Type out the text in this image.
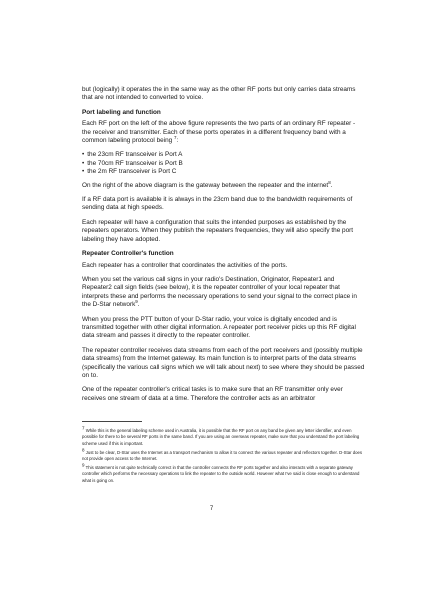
but (logically) it operates the in the same way as the other RF ports but only carries data streams that are not intended to converted to voice.

Port labeling and function

Each RF port on the left of the above figure represents the two parts of an ordinary RF repeater - the receiver and transmitter. Each of these ports operates in a different frequency band with a common labeling protocol being $^7$:

• the 23cm RF transceiver is Port A
• the 70cm RF transceiver is Port B
• the 2m RF transceiver is Port C

On the right of the above diagram is the gateway between the repeater and the internet$^8$.

If a RF data port is available it is always in the 23cm band due to the bandwidth requirements of sending data at high speeds.

Each repeater will have a configuration that suits the intended purposes as established by the repeaters operators. When they publish the repeaters frequencies, they will also specify the port labeling they have adopted.

Repeater Controller's function

Each repeater has a controller that coordinates the activities of the ports.

When you set the various call signs in your radio's Destination, Originator, Repeater1 and Repeater2 call sign fields (see below), it is the repeater controller of your local repeater that interprets these and performs the necessary operations to send your signal to the correct place in the D-Star network$^9$.

When you press the PTT button of your D-Star radio, your voice is digitally encoded and is transmitted together with other digital information. A repeater port receiver picks up this RF digital data stream and passes it directly to the repeater controller.

The repeater controller receives data streams from each of the port receivers and (possibly multiple data streams) from the Internet gateway. Its main function is to interpret parts of the data streams (specifically the various call signs which we will talk about next) to see where they should be passed on to.

One of the repeater controller's critical tasks is to make sure that an RF transmitter only ever receives one stream of data at a time. Therefore the controller acts as an arbitrator

$^7$ While this is the general labeling scheme used in Australia, it is possible that the RF port on any band be given any letter identifier, and even possible for there to be several RF ports in the same band. If you are using an overseas repeater, make sure that you understand the port labeling scheme used if this is important.

$^8$ Just to be clear, D-Star uses the Internet as a transport mechanism to allow it to connect the various repeater and reflectors together. D-Star does not provide open access to the Internet.

$^9$ This statement is not quite technically correct in that the controller connects the RF ports together and also interacts with a separate gateway controller which performs the necessary operations to link the repeater to the outside world. However what I've said is close enough to understand what is going on.

7
